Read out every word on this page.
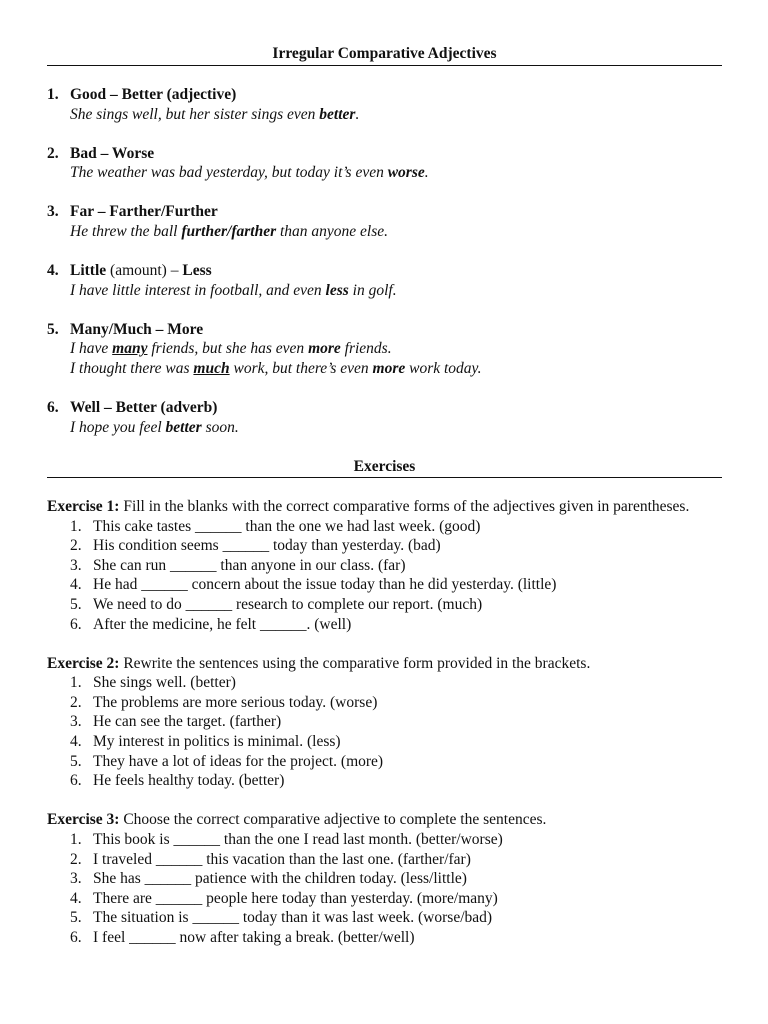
Irregular Comparative Adjectives
1. Good – Better (adjective)

She sings well, but her sister sings even better.

2. Bad – Worse

The weather was bad yesterday, but today it’s even worse.

3. Far – Farther/Further

He threw the ball further/farther than anyone else.

4. Little (amount) – Less

I have little interest in football, and even less in golf.

5. Many/Much – More

I have many friends, but she has even more friends.

I thought there was much work, but there’s even more work today.

6. Well – Better (adverb)

I hope you feel better soon.

Exercises

Exercise 1: Fill in the blanks with the correct comparative forms of the adjectives given in parentheses.

1. This cake tastes ______ than the one we had last week. (good)
2. His condition seems ______ today than yesterday. (bad)
3. She can run ______ than anyone in our class. (far)
4. He had ______ concern about the issue today than he did yesterday. (little)
5. We need to do ______ research to complete our report. (much)
6. After the medicine, he felt ______. (well)

Exercise 2: Rewrite the sentences using the comparative form provided in the brackets.

1. She sings well. (better)
2. The problems are more serious today. (worse)
3. He can see the target. (farther)
4. My interest in politics is minimal. (less)
5. They have a lot of ideas for the project. (more)
6. He feels healthy today. (better)

Exercise 3: Choose the correct comparative adjective to complete the sentences.

1. This book is ______ than the one I read last month. (better/worse)
2. I traveled ______ this vacation than the last one. (farther/far)
3. She has ______ patience with the children today. (less/little)
4. There are ______ people here today than yesterday. (more/many)
5. The situation is ______ today than it was last week. (worse/bad)
6. I feel ______ now after taking a break. (better/well)
